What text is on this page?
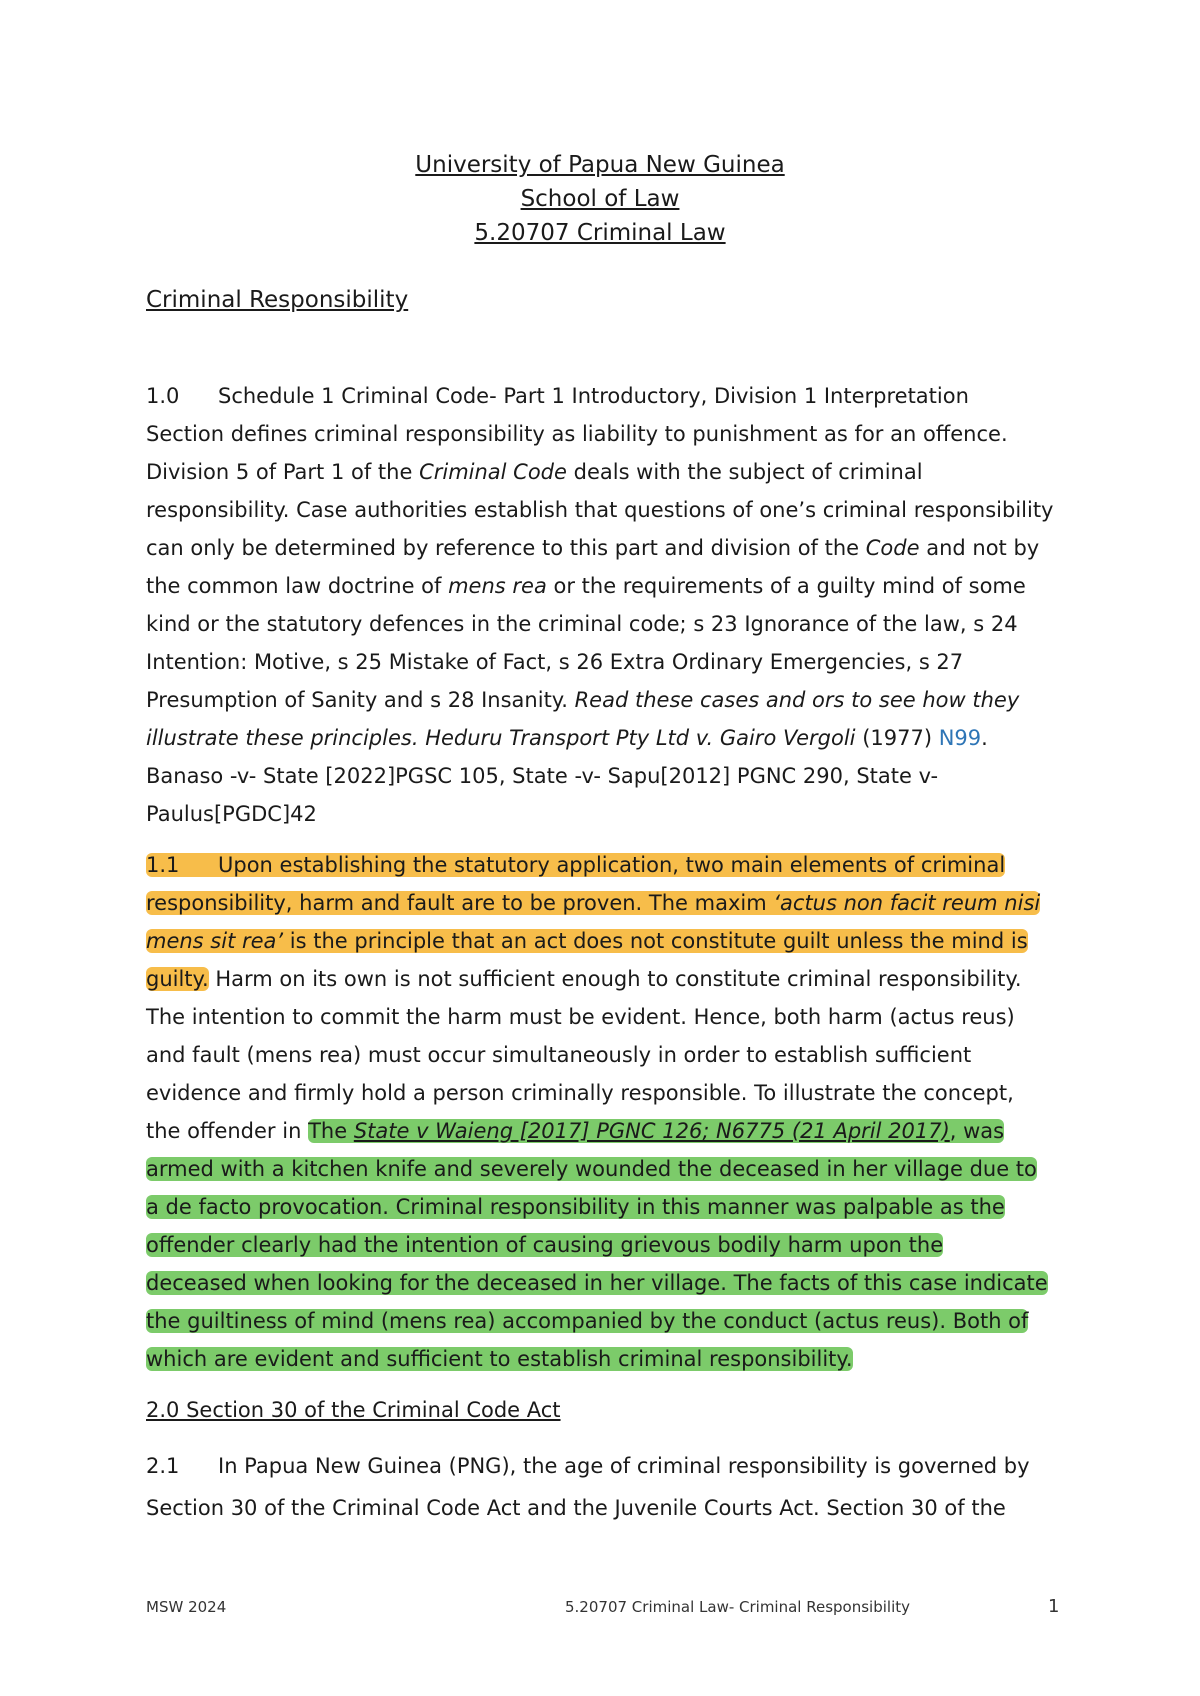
University of Papua New Guinea
School of Law
5.20707 Criminal Law
Criminal Responsibility
1.0 Schedule 1 Criminal Code- Part 1 Introductory, Division 1 Interpretation
Section defines criminal responsibility as liability to punishment as for an offence.
Division 5 of Part 1 of the Criminal Code deals with the subject of criminal
responsibility. Case authorities establish that questions of one’s criminal responsibility
can only be determined by reference to this part and division of the Code and not by
the common law doctrine of mens rea or the requirements of a guilty mind of some
kind or the statutory defences in the criminal code; s 23 Ignorance of the law, s 24
Intention: Motive, s 25 Mistake of Fact, s 26 Extra Ordinary Emergencies, s 27
Presumption of Sanity and s 28 Insanity. Read these cases and ors to see how they
illustrate these principles. Heduru Transport Pty Ltd v. Gairo Vergoli (1977) N99.
Banaso -v- State [2022]PGSC 105, State -v- Sapu[2012] PGNC 290, State v-
Paulus[PGDC]42
1.1 Upon establishing the statutory application, two main elements of criminal
responsibility, harm and fault are to be proven. The maxim ‘actus non facit reum nisi
mens sit rea’ is the principle that an act does not constitute guilt unless the mind is
guilty. Harm on its own is not sufficient enough to constitute criminal responsibility.
The intention to commit the harm must be evident. Hence, both harm (actus reus)
and fault (mens rea) must occur simultaneously in order to establish sufficient
evidence and firmly hold a person criminally responsible. To illustrate the concept,
the offender in The State v Waieng [2017] PGNC 126; N6775 (21 April 2017), was
armed with a kitchen knife and severely wounded the deceased in her village due to
a de facto provocation. Criminal responsibility in this manner was palpable as the
offender clearly had the intention of causing grievous bodily harm upon the
deceased when looking for the deceased in her village. The facts of this case indicate
the guiltiness of mind (mens rea) accompanied by the conduct (actus reus). Both of
which are evident and sufficient to establish criminal responsibility.
2.0 Section 30 of the Criminal Code Act
2.1 In Papua New Guinea (PNG), the age of criminal responsibility is governed by
Section 30 of the Criminal Code Act and the Juvenile Courts Act. Section 30 of the
MSW 2024	5.20707 Criminal Law- Criminal Responsibility	1
